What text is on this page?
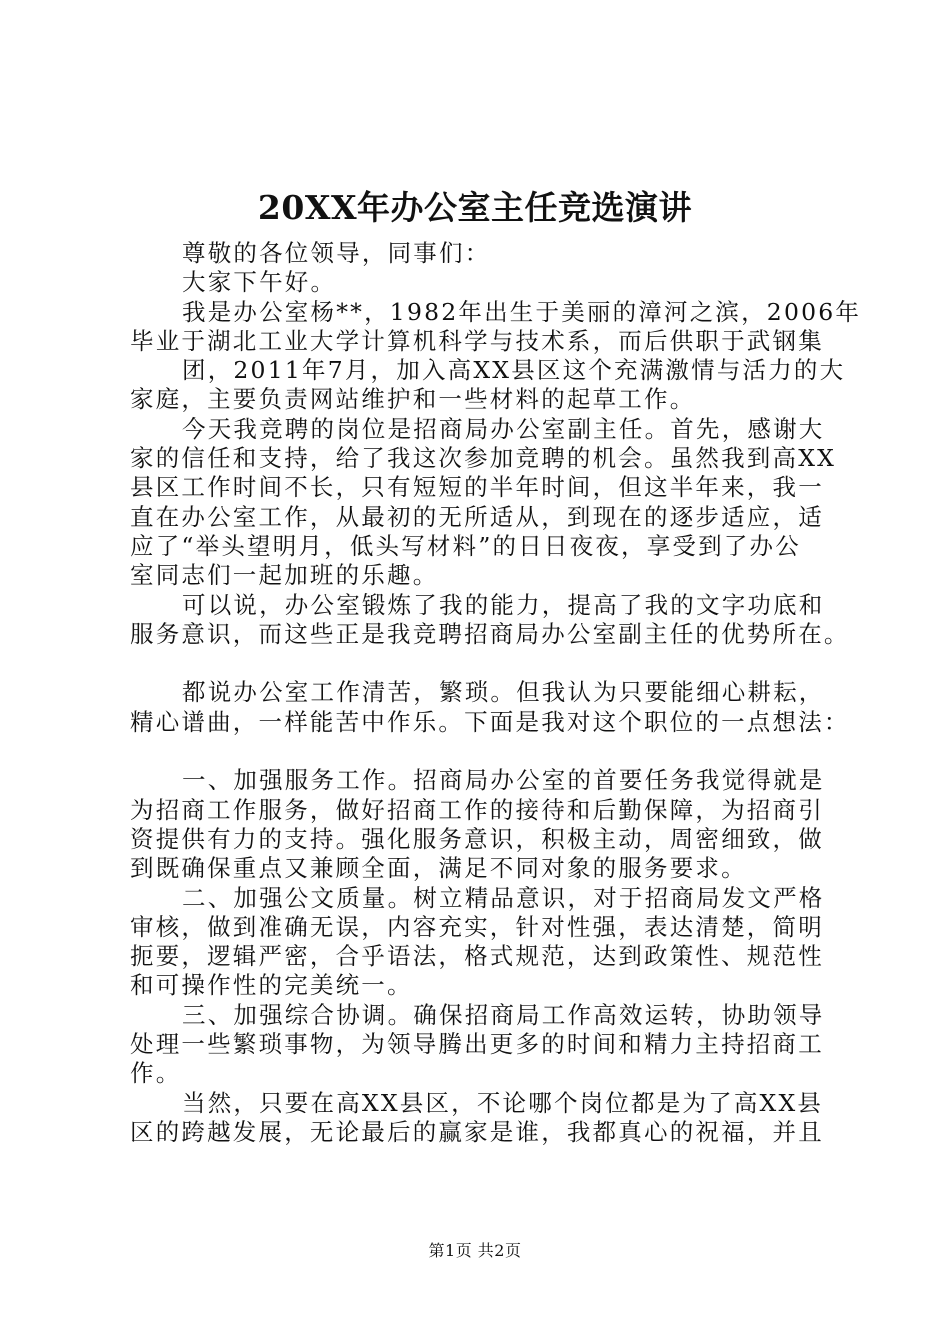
20XX年办公室主任竞选演讲
尊敬的各位领导，同事们：
大家下午好。
我是办公室杨**，1982年出生于美丽的漳河之滨，2006年
毕业于湖北工业大学计算机科学与技术系，而后供职于武钢集
团，2011年7月，加入高XX县区这个充满激情与活力的大
家庭，主要负责网站维护和一些材料的起草工作。
今天我竞聘的岗位是招商局办公室副主任。首先，感谢大
家的信任和支持，给了我这次参加竞聘的机会。虽然我到高XX
县区工作时间不长，只有短短的半年时间，但这半年来，我一
直在办公室工作，从最初的无所适从，到现在的逐步适应，适
应了“举头望明月，低头写材料”的日日夜夜，享受到了办公
室同志们一起加班的乐趣。
可以说，办公室锻炼了我的能力，提高了我的文字功底和
服务意识，而这些正是我竞聘招商局办公室副主任的优势所在。
都说办公室工作清苦，繁琐。但我认为只要能细心耕耘，
精心谱曲，一样能苦中作乐。下面是我对这个职位的一点想法：
一、加强服务工作。招商局办公室的首要任务我觉得就是
为招商工作服务，做好招商工作的接待和后勤保障，为招商引
资提供有力的支持。强化服务意识，积极主动，周密细致，做
到既确保重点又兼顾全面，满足不同对象的服务要求。
二、加强公文质量。树立精品意识，对于招商局发文严格
审核，做到准确无误，内容充实，针对性强，表达清楚，简明
扼要，逻辑严密，合乎语法，格式规范，达到政策性、规范性
和可操作性的完美统一。
三、加强综合协调。确保招商局工作高效运转，协助领导
处理一些繁琐事物，为领导腾出更多的时间和精力主持招商工
作。
当然，只要在高XX县区，不论哪个岗位都是为了高XX县
区的跨越发展，无论最后的赢家是谁，我都真心的祝福，并且
第1页 共2页
